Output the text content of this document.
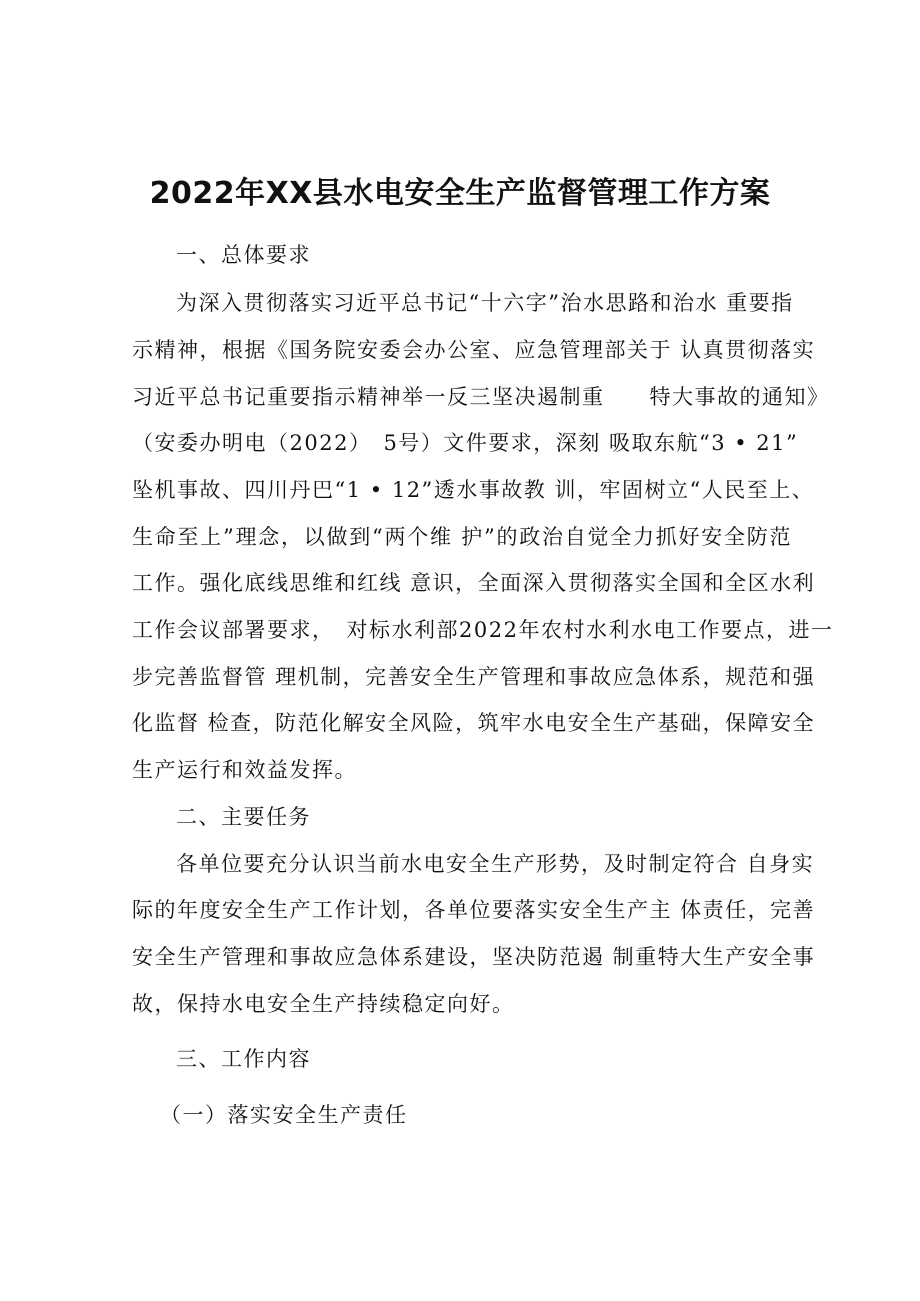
2022年XX县水电安全生产监督管理工作方案
一、总体要求
为深入贯彻落实习近平总书记“十六字”治水思路和治水 重要指
示精神，根据《国务院安委会办公室、应急管理部关于 认真贯彻落实
习近平总书记重要指示精神举一反三坚决遏制重　　特大事故的通知》
（安委办明电（2022）　5号）文件要求，深刻 吸取东航“3 • 21”
坠机事故、四川丹巴“1 • 12”透水事故教 训，牢固树立“人民至上、
生命至上”理念，以做到“两个维 护”的政治自觉全力抓好安全防范
工作。强化底线思维和红线 意识，全面深入贯彻落实全国和全区水利
工作会议部署要求，　对标水利部2022年农村水利水电工作要点，进一
步完善监督管 理机制，完善安全生产管理和事故应急体系，规范和强
化监督 检查，防范化解安全风险，筑牢水电安全生产基础，保障安全
生产运行和效益发挥。
二、主要任务
各单位要充分认识当前水电安全生产形势，及时制定符合 自身实
际的年度安全生产工作计划，各单位要落实安全生产主 体责任，完善
安全生产管理和事故应急体系建设，坚决防范遏 制重特大生产安全事
故，保持水电安全生产持续稳定向好。
三、工作内容
（一）落实安全生产责任
